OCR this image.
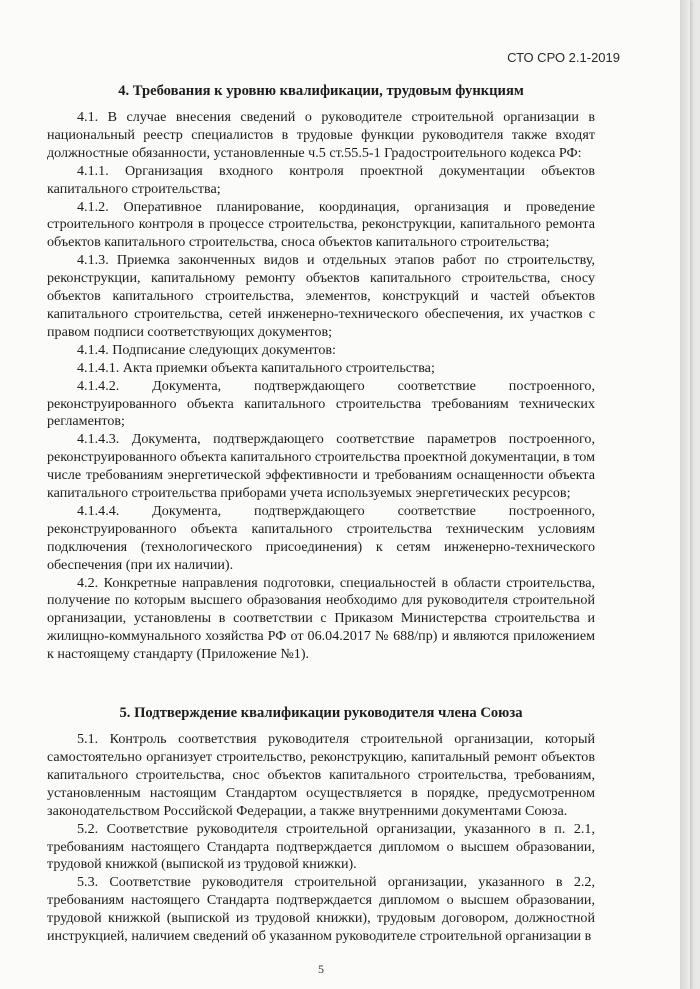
СТО СРО 2.1-2019
4. Требования к уровню квалификации, трудовым функциям

4.1. В случае внесения сведений о руководителе строительной организации в национальный реестр специалистов в трудовые функции руководителя также входят должностные обязанности, установленные ч.5 ст.55.5-1 Градостроительного кодекса РФ:

4.1.1. Организация входного контроля проектной документации объектов капитального строительства;

4.1.2. Оперативное планирование, координация, организация и проведение строительного контроля в процессе строительства, реконструкции, капитального ремонта объектов капитального строительства, сноса объектов капитального строительства;

4.1.3. Приемка законченных видов и отдельных этапов работ по строительству, реконструкции, капитальному ремонту объектов капитального строительства, сносу объектов капитального строительства, элементов, конструкций и частей объектов капитального строительства, сетей инженерно-технического обеспечения, их участков с правом подписи соответствующих документов;

4.1.4. Подписание следующих документов:

4.1.4.1. Акта приемки объекта капитального строительства;

4.1.4.2. Документа, подтверждающего соответствие построенного, реконструированного объекта капитального строительства требованиям технических регламентов;

4.1.4.3. Документа, подтверждающего соответствие параметров построенного, реконструированного объекта капитального строительства проектной документации, в том числе требованиям энергетической эффективности и требованиям оснащенности объекта капитального строительства приборами учета используемых энергетических ресурсов;

4.1.4.4. Документа, подтверждающего соответствие построенного, реконструированного объекта капитального строительства техническим условиям подключения (технологического присоединения) к сетям инженерно-технического обеспечения (при их наличии).

4.2. Конкретные направления подготовки, специальностей в области строительства, получение по которым высшего образования необходимо для руководителя строительной организации, установлены в соответствии с Приказом Министерства строительства и жилищно-коммунального хозяйства РФ от 06.04.2017 № 688/пр) и являются приложением к настоящему стандарту (Приложение №1).

5. Подтверждение квалификации руководителя члена Союза

5.1. Контроль соответствия руководителя строительной организации, который самостоятельно организует строительство, реконструкцию, капитальный ремонт объектов капитального строительства, снос объектов капитального строительства, требованиям, установленным настоящим Стандартом осуществляется в порядке, предусмотренном законодательством Российской Федерации, а также внутренними документами Союза.

5.2. Соответствие руководителя строительной организации, указанного в п. 2.1, требованиям настоящего Стандарта подтверждается дипломом о высшем образовании, трудовой книжкой (выпиской из трудовой книжки).

5.3. Соответствие руководителя строительной организации, указанного в 2.2, требованиям настоящего Стандарта подтверждается дипломом о высшем образовании, трудовой книжкой (выпиской из трудовой книжки), трудовым договором, должностной инструкцией, наличием сведений об указанном руководителе строительной организации в

5
